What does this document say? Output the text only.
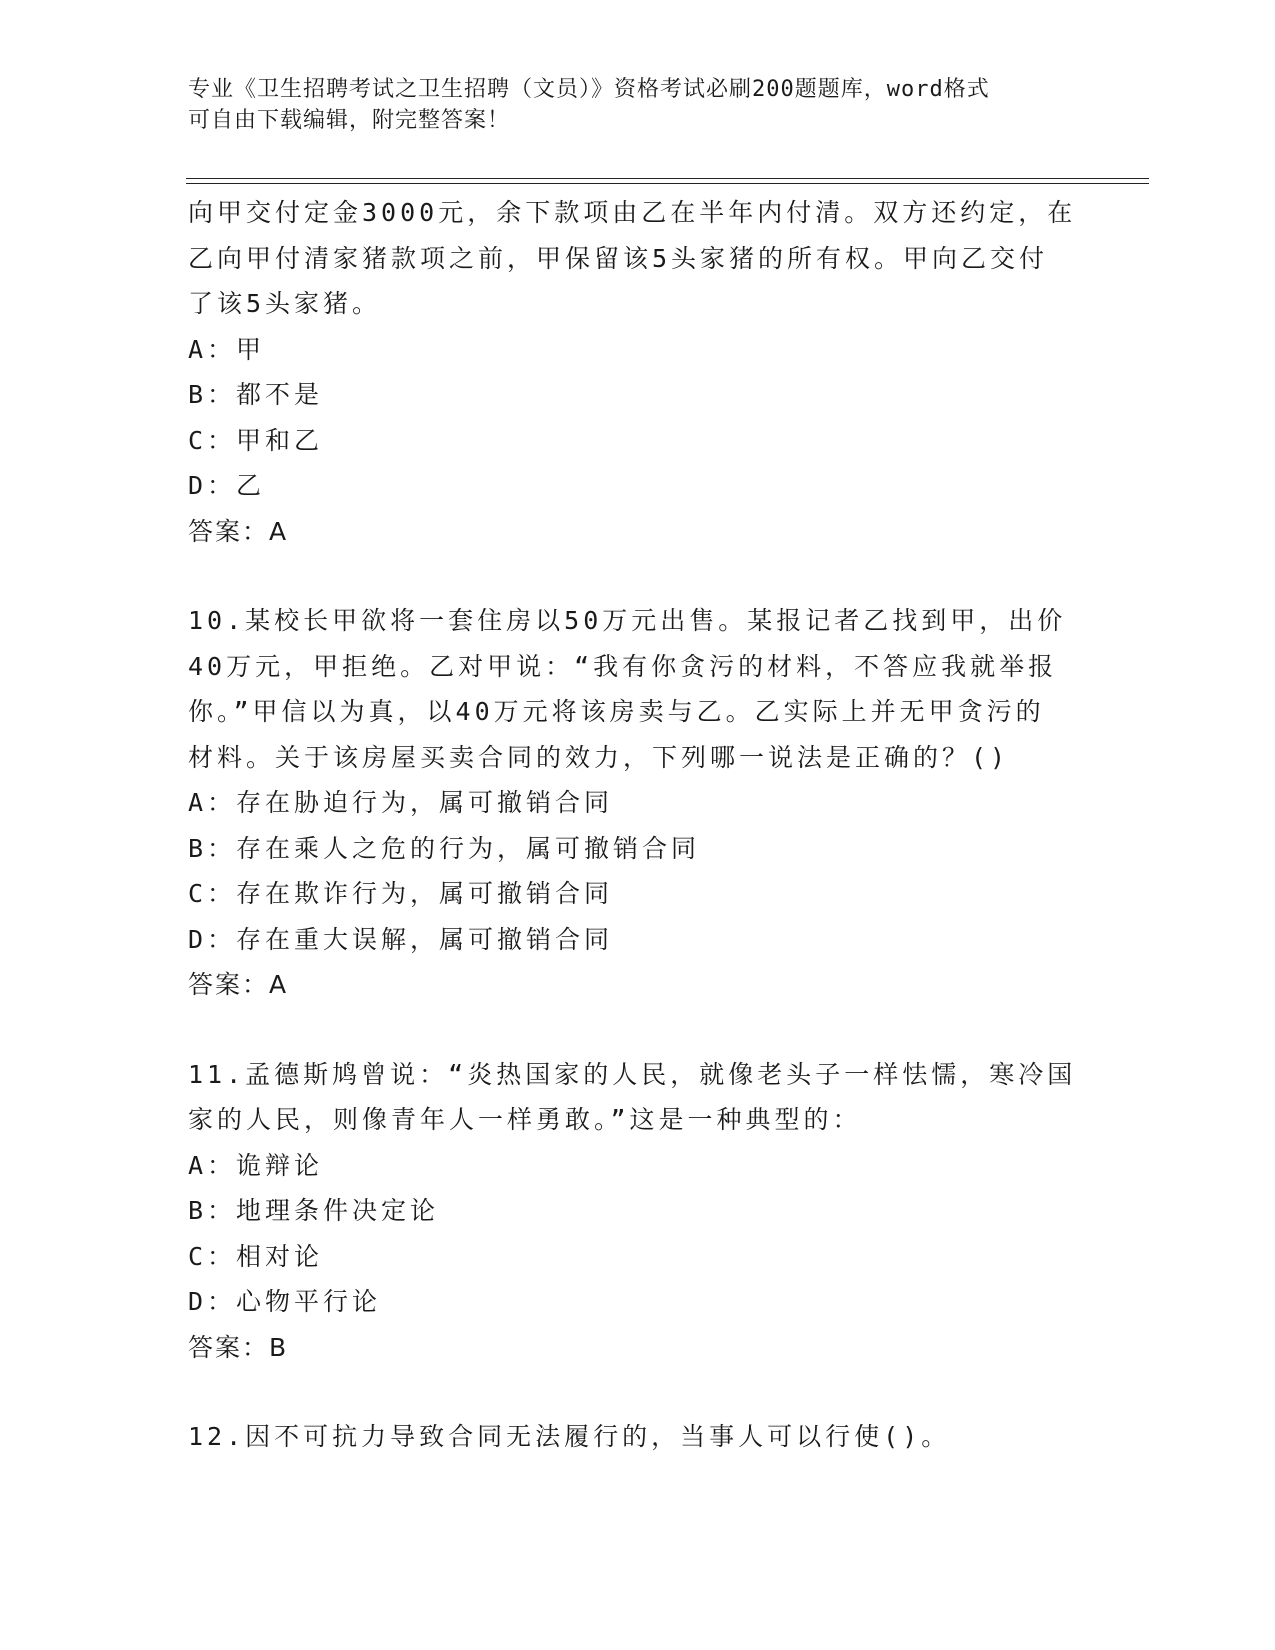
专业《卫生招聘考试之卫生招聘（文员）》资格考试必刷200题题库，word格式
可自由下载编辑，附完整答案！

向甲交付定金3000元，余下款项由乙在半年内付清。双方还约定，在

乙向甲付清家猪款项之前，甲保留该5头家猪的所有权。甲向乙交付

了该5头家猪。

A：甲

B：都不是

C：甲和乙

D：乙

答案：A

10.某校长甲欲将一套住房以50万元出售。某报记者乙找到甲，出价

40万元，甲拒绝。乙对甲说：“我有你贪污的材料，不答应我就举报

你。”甲信以为真，以40万元将该房卖与乙。乙实际上并无甲贪污的

材料。关于该房屋买卖合同的效力，下列哪一说法是正确的？()

A：存在胁迫行为，属可撤销合同

B：存在乘人之危的行为，属可撤销合同

C：存在欺诈行为，属可撤销合同

D：存在重大误解，属可撤销合同

答案：A

11.孟德斯鸠曾说：“炎热国家的人民，就像老头子一样怯懦，寒冷国

家的人民，则像青年人一样勇敢。”这是一种典型的：

A：诡辩论

B：地理条件决定论

C：相对论

D：心物平行论

答案：B

12.因不可抗力导致合同无法履行的，当事人可以行使()。
